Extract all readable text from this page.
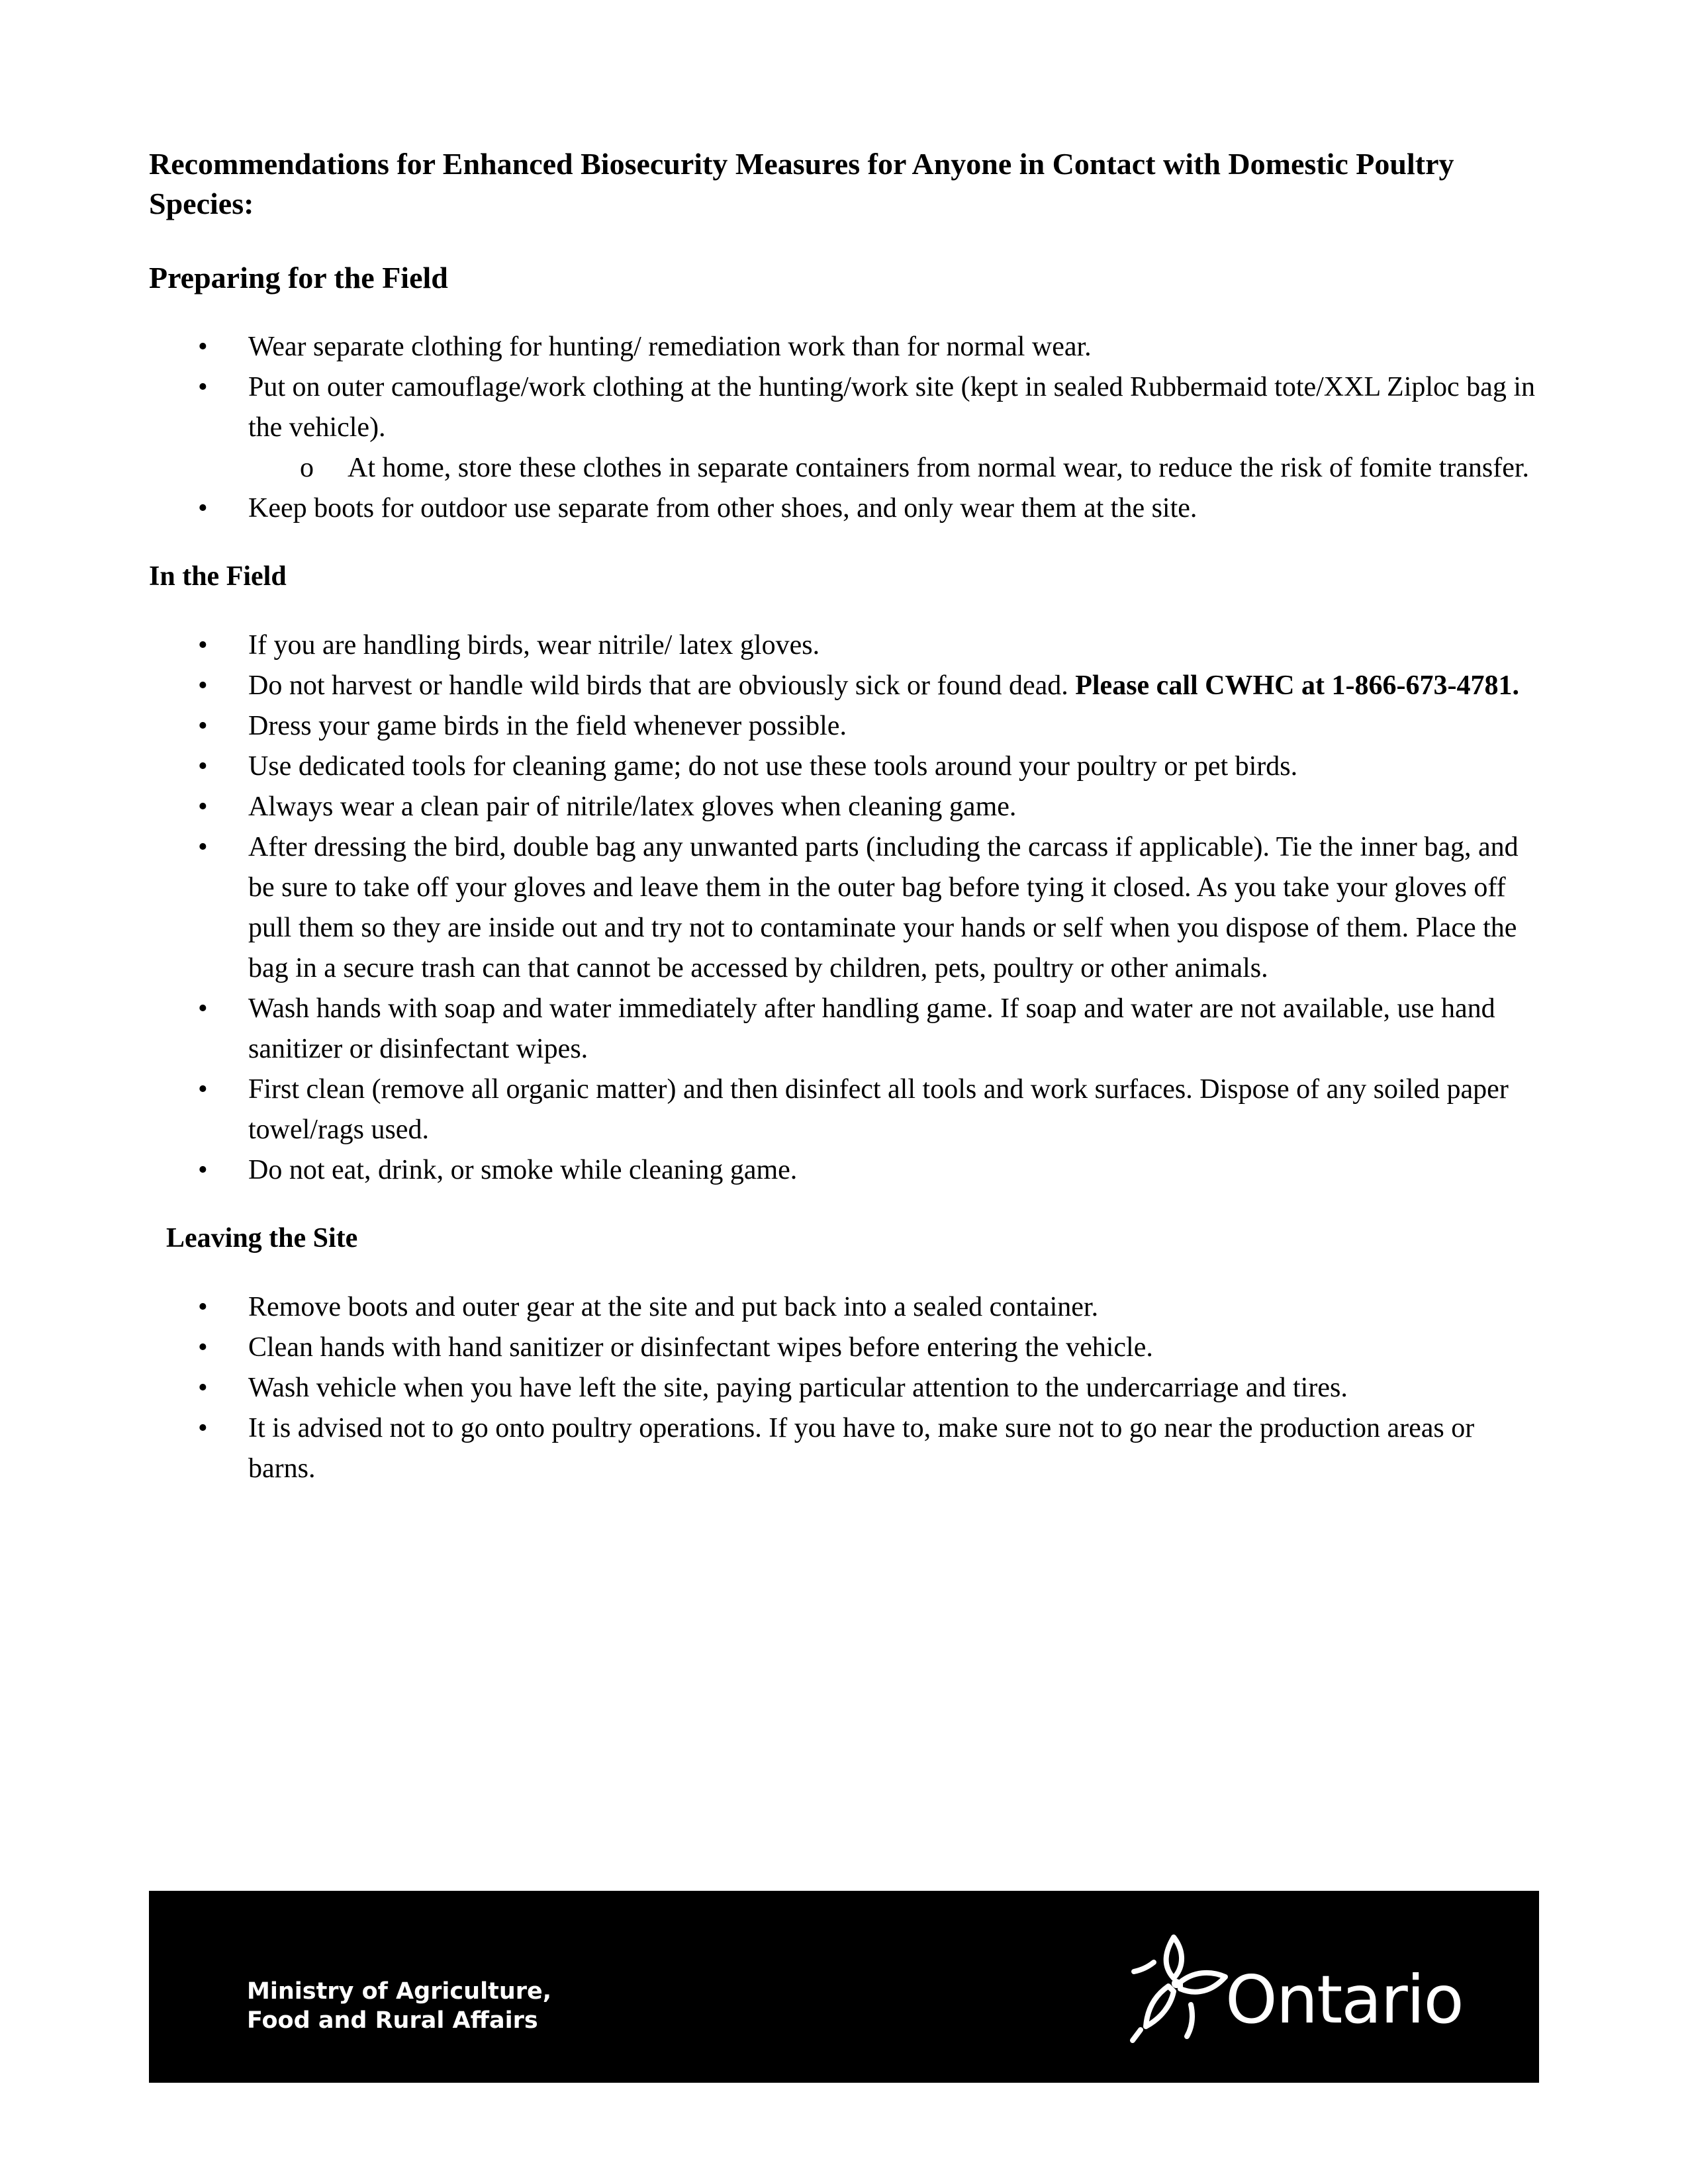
Recommendations for Enhanced Biosecurity Measures for Anyone in Contact with Domestic Poultry Species:
Preparing for the Field
• Wear separate clothing for hunting/ remediation work than for normal wear.
• Put on outer camouflage/work clothing at the hunting/work site (kept in sealed Rubbermaid tote/XXL Ziploc bag in the vehicle).
o At home, store these clothes in separate containers from normal wear, to reduce the risk of fomite transfer.
• Keep boots for outdoor use separate from other shoes, and only wear them at the site.
In the Field
• If you are handling birds, wear nitrile/ latex gloves.
• Do not harvest or handle wild birds that are obviously sick or found dead. Please call CWHC at 1-866-673-4781.
• Dress your game birds in the field whenever possible.
• Use dedicated tools for cleaning game; do not use these tools around your poultry or pet birds.
• Always wear a clean pair of nitrile/latex gloves when cleaning game.
• After dressing the bird, double bag any unwanted parts (including the carcass if applicable). Tie the inner bag, and be sure to take off your gloves and leave them in the outer bag before tying it closed. As you take your gloves off pull them so they are inside out and try not to contaminate your hands or self when you dispose of them. Place the bag in a secure trash can that cannot be accessed by children, pets, poultry or other animals.
• Wash hands with soap and water immediately after handling game. If soap and water are not available, use hand sanitizer or disinfectant wipes.
• First clean (remove all organic matter) and then disinfect all tools and work surfaces. Dispose of any soiled paper towel/rags used.
• Do not eat, drink, or smoke while cleaning game.
Leaving the Site
• Remove boots and outer gear at the site and put back into a sealed container.
• Clean hands with hand sanitizer or disinfectant wipes before entering the vehicle.
• Wash vehicle when you have left the site, paying particular attention to the undercarriage and tires.
• It is advised not to go onto poultry operations. If you have to, make sure not to go near the production areas or barns.
Ministry of Agriculture,
Food and Rural Affairs	Ontario
